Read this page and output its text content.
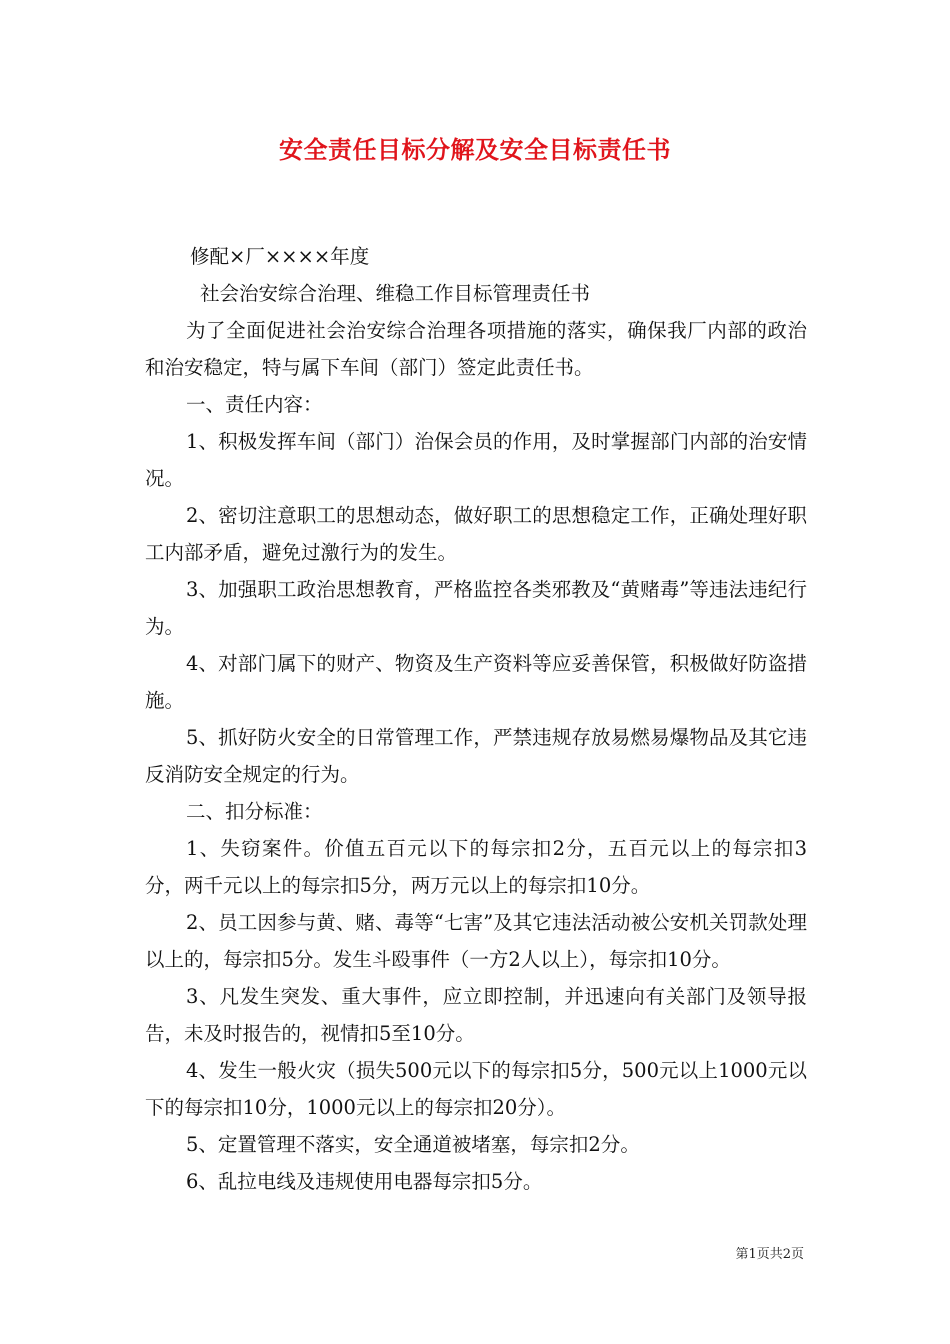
安全责任目标分解及安全目标责任书

修配×厂××××年度

社会治安综合治理、维稳工作目标管理责任书

为了全面促进社会治安综合治理各项措施的落实，确保我厂内部的政治和治安稳定，特与属下车间（部门）签定此责任书。

一、责任内容：

1、积极发挥车间（部门）治保会员的作用，及时掌握部门内部的治安情况。

2、密切注意职工的思想动态，做好职工的思想稳定工作，正确处理好职工内部矛盾，避免过激行为的发生。

3、加强职工政治思想教育，严格监控各类邪教及“黄赌毒”等违法违纪行为。

4、对部门属下的财产、物资及生产资料等应妥善保管，积极做好防盗措施。

5、抓好防火安全的日常管理工作，严禁违规存放易燃易爆物品及其它违反消防安全规定的行为。

二、扣分标准：

1、失窃案件。价值五百元以下的每宗扣2分，五百元以上的每宗扣3分，两千元以上的每宗扣5分，两万元以上的每宗扣10分。

2、员工因参与黄、赌、毒等“七害”及其它违法活动被公安机关罚款处理以上的，每宗扣5分。发生斗殴事件（一方2人以上），每宗扣10分。

3、凡发生突发、重大事件，应立即控制，并迅速向有关部门及领导报告，未及时报告的，视情扣5至10分。

4、发生一般火灾（损失500元以下的每宗扣5分，500元以上1000元以下的每宗扣10分，1000元以上的每宗扣20分）。

5、定置管理不落实，安全通道被堵塞，每宗扣2分。

6、乱拉电线及违规使用电器每宗扣5分。

第1页共2页
